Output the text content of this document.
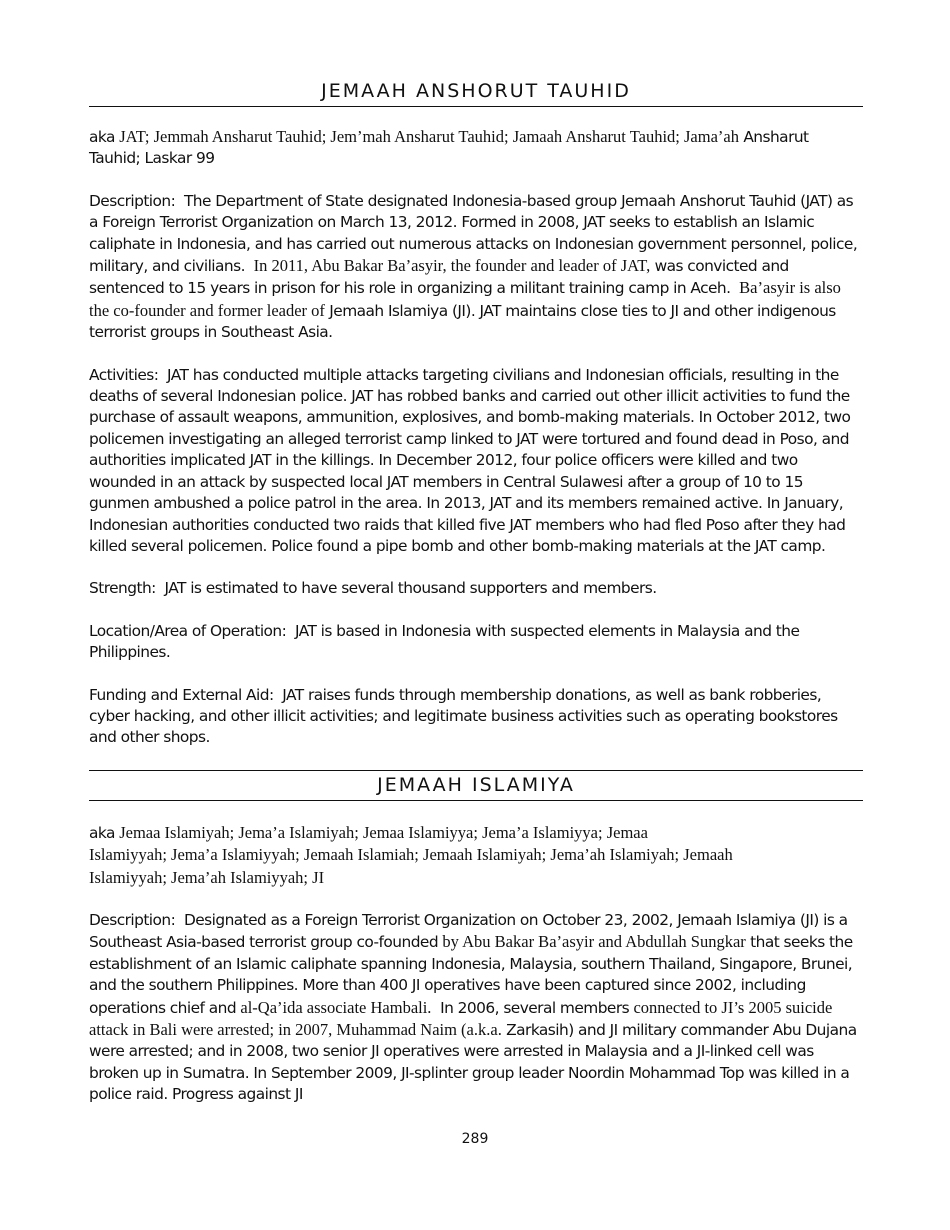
JEMAAH ANSHORUT TAUHID

aka JAT; Jemmah Ansharut Tauhid; Jem’mah Ansharut Tauhid; Jamaah Ansharut Tauhid; Jama’ah Ansharut Tauhid; Laskar 99

Description: The Department of State designated Indonesia-based group Jemaah Anshorut Tauhid (JAT) as a Foreign Terrorist Organization on March 13, 2012. Formed in 2008, JAT seeks to establish an Islamic caliphate in Indonesia, and has carried out numerous attacks on Indonesian government personnel, police, military, and civilians. In 2011, Abu Bakar Ba’asyir, the founder and leader of JAT, was convicted and sentenced to 15 years in prison for his role in organizing a militant training camp in Aceh. Ba’asyir is also the co-founder and former leader of Jemaah Islamiya (JI). JAT maintains close ties to JI and other indigenous terrorist groups in Southeast Asia.

Activities: JAT has conducted multiple attacks targeting civilians and Indonesian officials, resulting in the deaths of several Indonesian police. JAT has robbed banks and carried out other illicit activities to fund the purchase of assault weapons, ammunition, explosives, and bomb-making materials. In October 2012, two policemen investigating an alleged terrorist camp linked to JAT were tortured and found dead in Poso, and authorities implicated JAT in the killings. In December 2012, four police officers were killed and two wounded in an attack by suspected local JAT members in Central Sulawesi after a group of 10 to 15 gunmen ambushed a police patrol in the area. In 2013, JAT and its members remained active. In January, Indonesian authorities conducted two raids that killed five JAT members who had fled Poso after they had killed several policemen. Police found a pipe bomb and other bomb-making materials at the JAT camp.

Strength: JAT is estimated to have several thousand supporters and members.

Location/Area of Operation: JAT is based in Indonesia with suspected elements in Malaysia and the Philippines.

Funding and External Aid: JAT raises funds through membership donations, as well as bank robberies, cyber hacking, and other illicit activities; and legitimate business activities such as operating bookstores and other shops.

JEMAAH ISLAMIYA

aka Jemaa Islamiyah; Jema’a Islamiyah; Jemaa Islamiyya; Jema’a Islamiyya; Jemaa
Islamiyyah; Jema’a Islamiyyah; Jemaah Islamiah; Jemaah Islamiyah; Jema’ah Islamiyah; Jemaah
Islamiyyah; Jema’ah Islamiyyah; JI

Description: Designated as a Foreign Terrorist Organization on October 23, 2002, Jemaah Islamiya (JI) is a Southeast Asia-based terrorist group co-founded by Abu Bakar Ba’asyir and Abdullah Sungkar that seeks the establishment of an Islamic caliphate spanning Indonesia, Malaysia, southern Thailand, Singapore, Brunei, and the southern Philippines. More than 400 JI operatives have been captured since 2002, including operations chief and al-Qa’ida associate Hambali. In 2006, several members connected to JI’s 2005 suicide attack in Bali were arrested; in 2007, Muhammad Naim (a.k.a. Zarkasih) and JI military commander Abu Dujana were arrested; and in 2008, two senior JI operatives were arrested in Malaysia and a JI-linked cell was broken up in Sumatra. In September 2009, JI-splinter group leader Noordin Mohammad Top was killed in a police raid. Progress against JI

289
